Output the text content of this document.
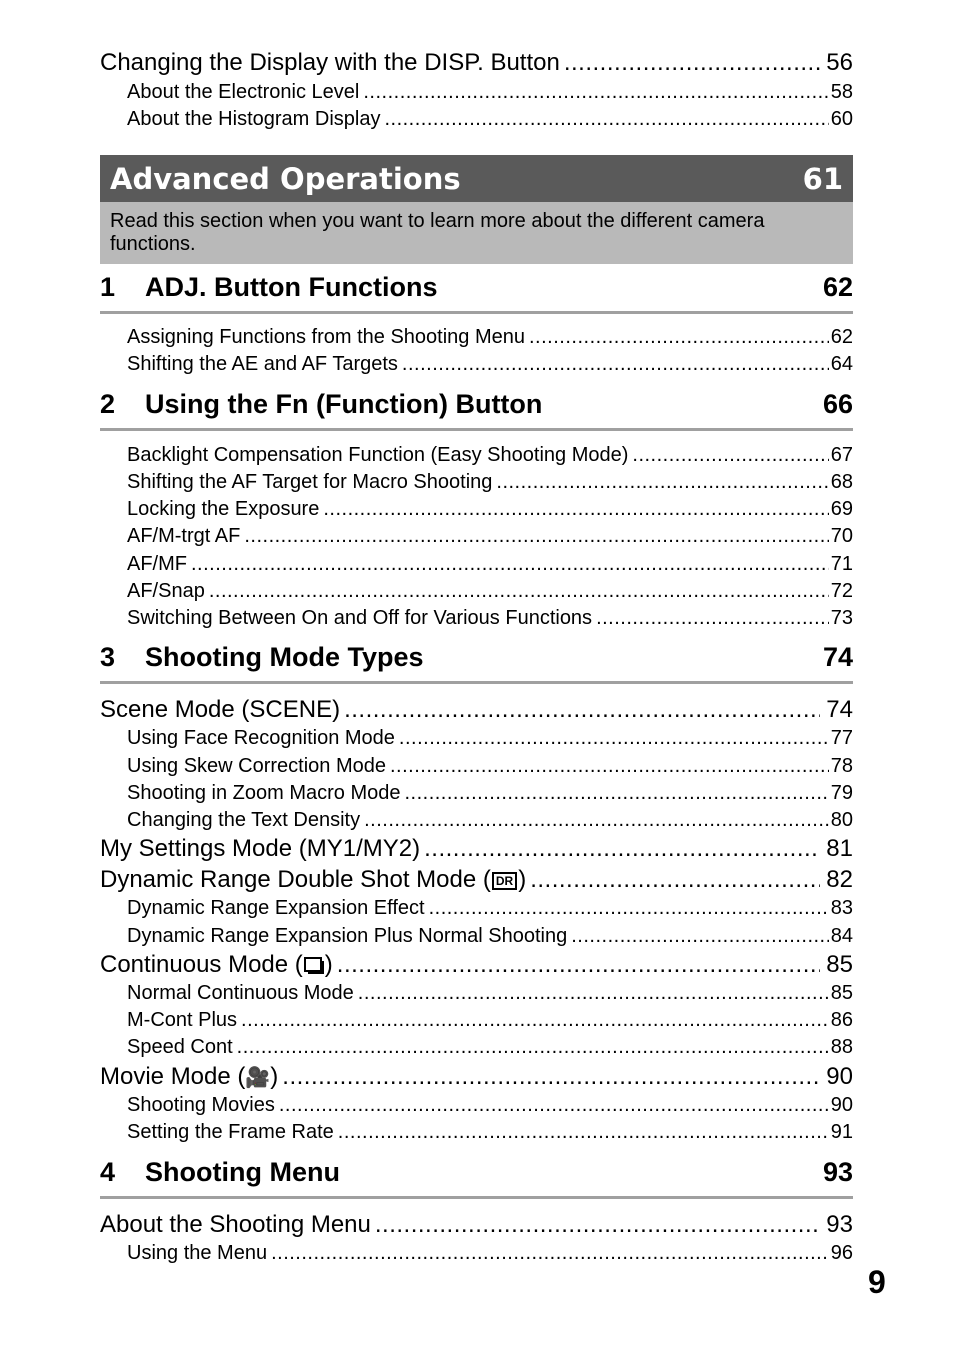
Changing the Display with the DISP. Button .....	56
About the Electronic Level .....	58
About the Histogram Display .....	60
Advanced Operations	61
Read this section when you want to learn more about the different camera functions.
1	ADJ. Button Functions	62
Assigning Functions from the Shooting Menu .....	62
Shifting the AE and AF Targets .....	64
2	Using the Fn (Function) Button	66
Backlight Compensation Function (Easy Shooting Mode) .....	67
Shifting the AF Target for Macro Shooting .....	68
Locking the Exposure .....	69
AF/M-trgt AF .....	70
AF/MF .....	71
AF/Snap .....	72
Switching Between On and Off for Various Functions .....	73
3	Shooting Mode Types	74
Scene Mode (SCENE) .....	74
Using Face Recognition Mode .....	77
Using Skew Correction Mode .....	78
Shooting in Zoom Macro Mode .....	79
Changing the Text Density .....	80
My Settings Mode (MY1/MY2) .....	81
Dynamic Range Double Shot Mode ( DR ) .....	82
Dynamic Range Expansion Effect .....	83
Dynamic Range Expansion Plus Normal Shooting .....	84
Continuous Mode ( ) .....	85
Normal Continuous Mode .....	85
M-Cont Plus .....	86
Speed Cont .....	88
Movie Mode (🎥) .....	90
Shooting Movies .....	90
Setting the Frame Rate .....	91
4	Shooting Menu	93
About the Shooting Menu .....	93
Using the Menu .....	96
9
